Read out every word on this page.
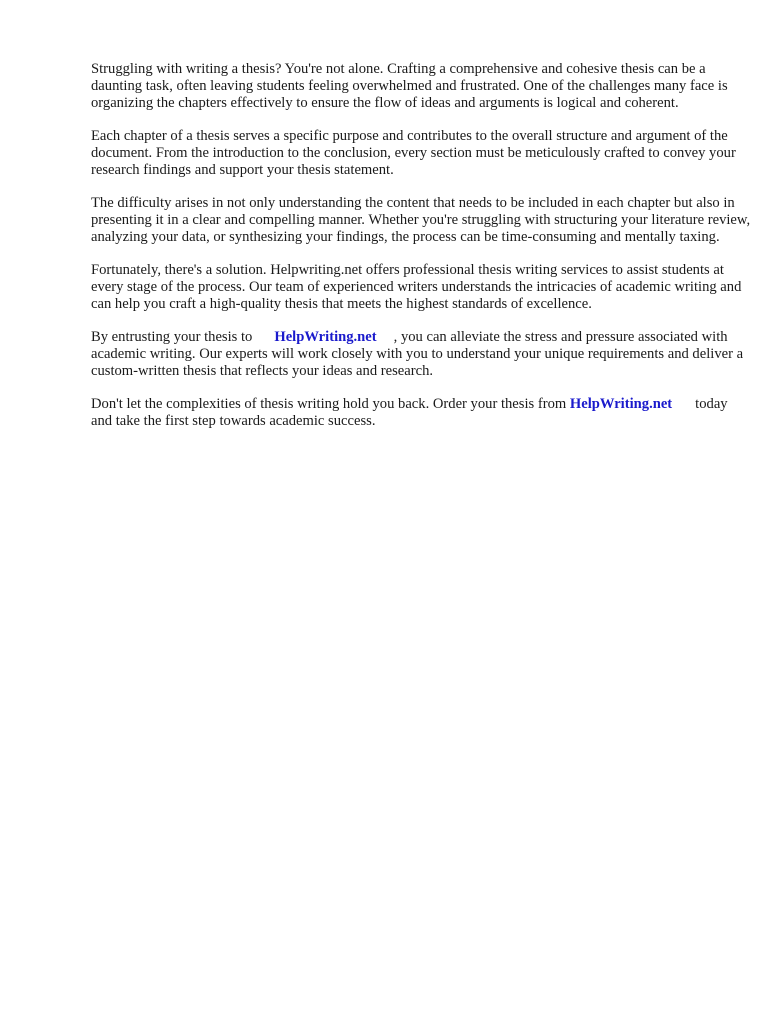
Struggling with writing a thesis? You're not alone. Crafting a comprehensive and cohesive thesis can be a daunting task, often leaving students feeling overwhelmed and frustrated. One of the challenges many face is organizing the chapters effectively to ensure the flow of ideas and arguments is logical and coherent.

Each chapter of a thesis serves a specific purpose and contributes to the overall structure and argument of the document. From the introduction to the conclusion, every section must be meticulously crafted to convey your research findings and support your thesis statement.

The difficulty arises in not only understanding the content that needs to be included in each chapter but also in presenting it in a clear and compelling manner. Whether you're struggling with structuring your literature review, analyzing your data, or synthesizing your findings, the process can be time-consuming and mentally taxing.

Fortunately, there's a solution. Helpwriting.net offers professional thesis writing services to assist students at every stage of the process. Our team of experienced writers understands the intricacies of academic writing and can help you craft a high-quality thesis that meets the highest standards of excellence.

By entrusting your thesis to HelpWriting.net , you can alleviate the stress and pressure associated with academic writing. Our experts will work closely with you to understand your unique requirements and deliver a custom-written thesis that reflects your ideas and research.

Don't let the complexities of thesis writing hold you back. Order your thesis from HelpWriting.net today and take the first step towards academic success.
